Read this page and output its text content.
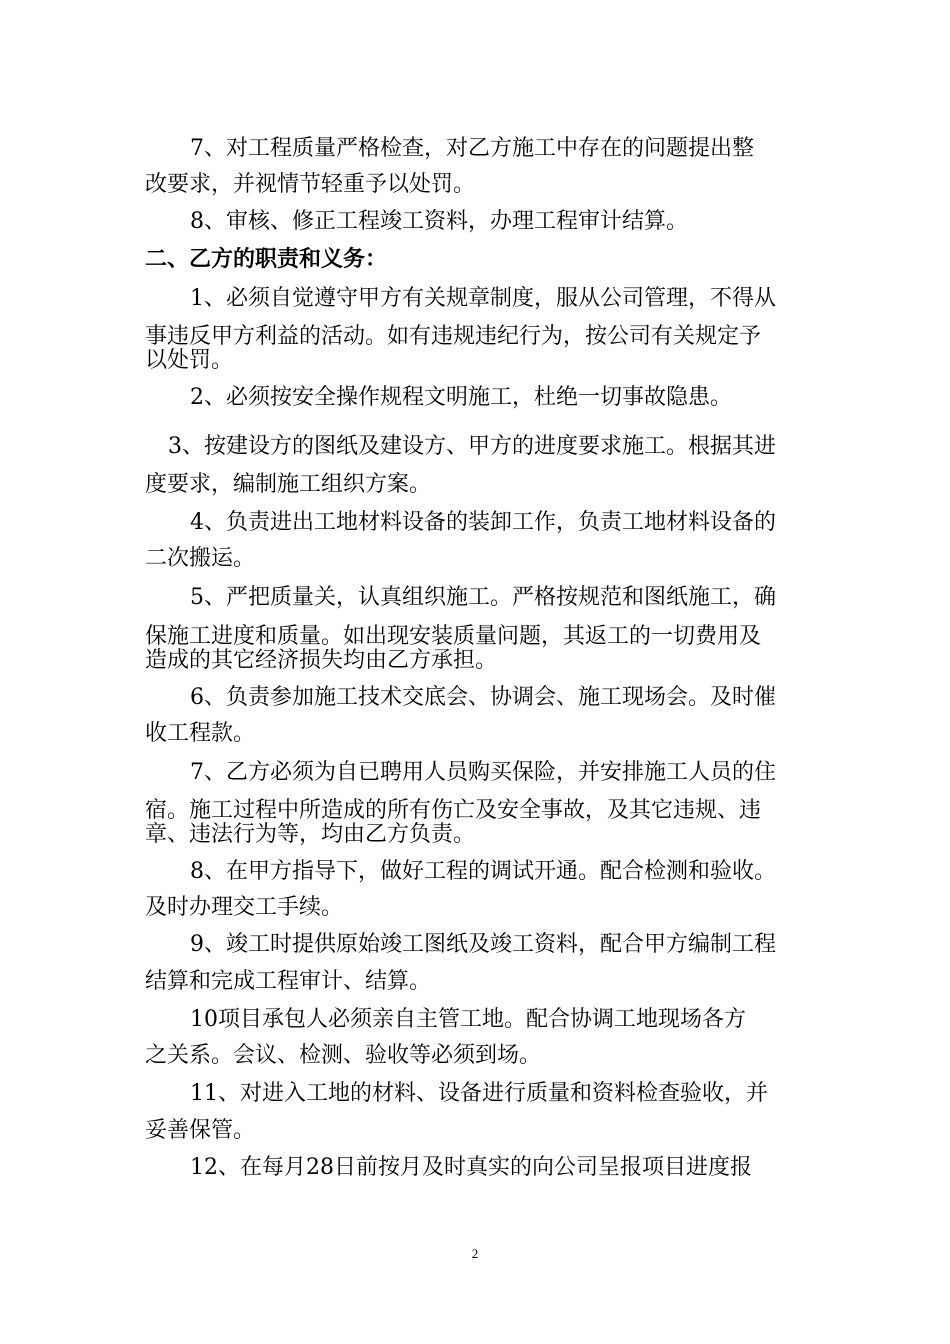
7、对工程质量严格检查，对乙方施工中存在的问题提出整
改要求，并视情节轻重予以处罚。
8、审核、修正工程竣工资料，办理工程审计结算。
二、乙方的职责和义务：
1、必须自觉遵守甲方有关规章制度，服从公司管理，不得从
事违反甲方利益的活动。如有违规违纪行为，按公司有关规定予
以处罚。
2、必须按安全操作规程文明施工，杜绝一切事故隐患。
3、按建设方的图纸及建设方、甲方的进度要求施工。根据其进
度要求，编制施工组织方案。
4、负责进出工地材料设备的装卸工作，负责工地材料设备的
二次搬运。
5、严把质量关，认真组织施工。严格按规范和图纸施工，确
保施工进度和质量。如出现安装质量问题，其返工的一切费用及
造成的其它经济损失均由乙方承担。
6、负责参加施工技术交底会、协调会、施工现场会。及时催
收工程款。
7、乙方必须为自已聘用人员购买保险，并安排施工人员的住
宿。施工过程中所造成的所有伤亡及安全事故，及其它违规、违
章、违法行为等，均由乙方负责。
8、在甲方指导下，做好工程的调试开通。配合检测和验收。
及时办理交工手续。
9、竣工时提供原始竣工图纸及竣工资料，配合甲方编制工程
结算和完成工程审计、结算。
10项目承包人必须亲自主管工地。配合协调工地现场各方
之关系。会议、检测、验收等必须到场。
11、对进入工地的材料、设备进行质量和资料检查验收，并
妥善保管。
12、在每月28日前按月及时真实的向公司呈报项目进度报
2
